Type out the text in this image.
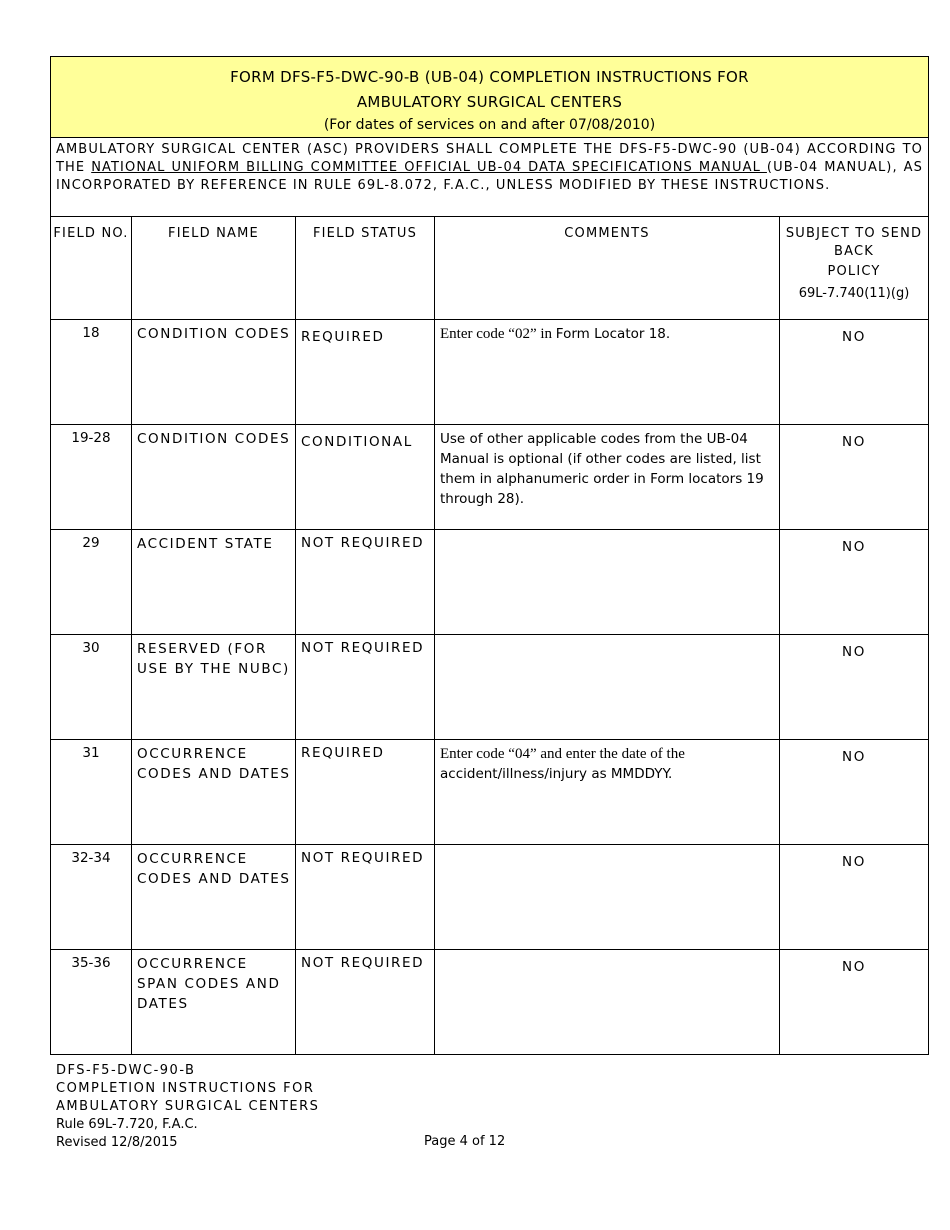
FORM DFS-F5-DWC-90-B (UB-04) COMPLETION INSTRUCTIONS FOR
AMBULATORY SURGICAL CENTERS
(For dates of services on and after 07/08/2010)				

AMBULATORY SURGICAL CENTER (ASC) PROVIDERS SHALL COMPLETE THE DFS-F5-DWC-90 (UB-04) ACCORDING TO THE NATIONAL UNIFORM BILLING COMMITTEE OFFICIAL UB-04 DATA SPECIFICATIONS MANUAL (UB-04 MANUAL), AS INCORPORATED BY REFERENCE IN RULE 69L-8.072, F.A.C., UNLESS MODIFIED BY THESE INSTRUCTIONS.				
FIELD NO.	FIELD NAME	FIELD STATUS	COMMENTS	SUBJECT TO SEND BACK
POLICY
69L-7.740(11)(g)

18	CONDITION CODES	REQUIRED	Enter code “02” in Form Locator 18.	NO
19-28	CONDITION CODES	CONDITIONAL	Use of other applicable codes from the UB-04 Manual is optional (if other codes are listed, list them in alphanumeric order in Form locators 19 through 28).	NO
29	ACCIDENT STATE	NOT REQUIRED		NO
30	RESERVED (FOR USE BY THE NUBC)	NOT REQUIRED		NO
31	OCCURRENCE CODES AND DATES	REQUIRED	Enter code “04” and enter the date of the accident/illness/injury as MMDDYY.	NO
32-34	OCCURRENCE CODES AND DATES	NOT REQUIRED		NO
35-36	OCCURRENCE SPAN CODES AND DATES	NOT REQUIRED		NO
DFS-F5-DWC-90-B
COMPLETION INSTRUCTIONS FOR
AMBULATORY SURGICAL CENTERS
Rule 69L-7.720, F.A.C.
Revised 12/8/2015	Page 4 of 12
